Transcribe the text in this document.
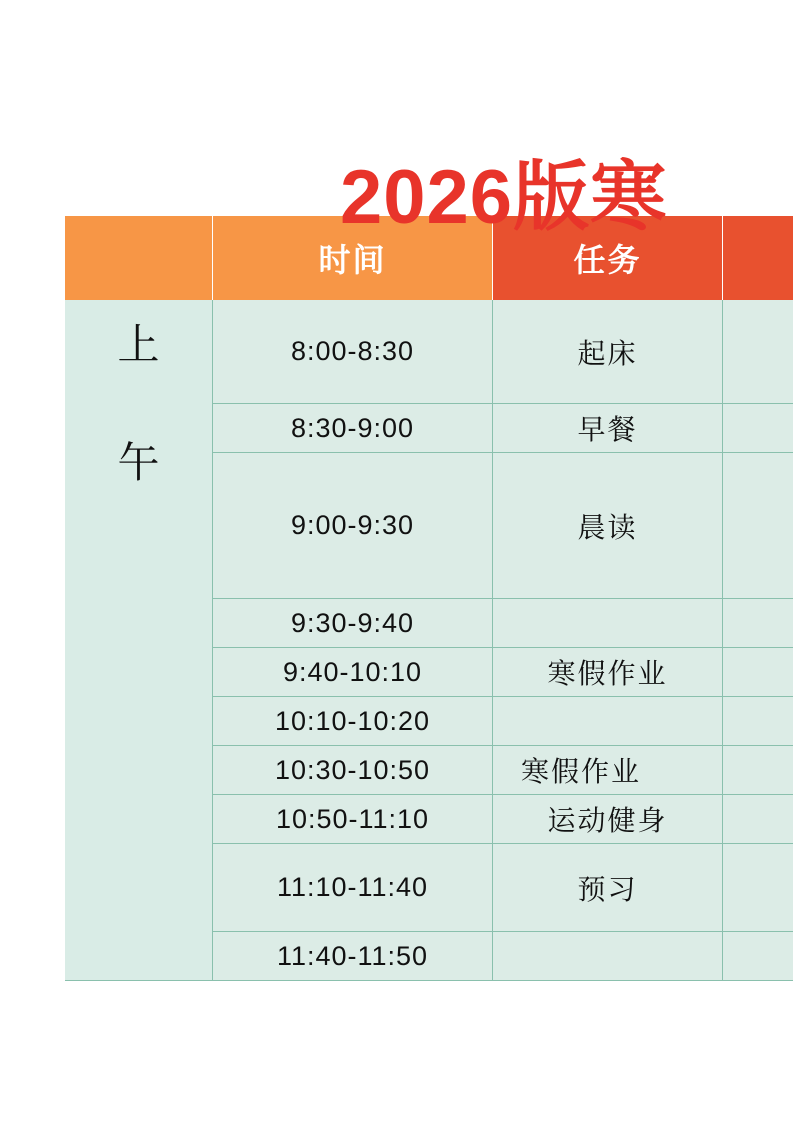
2026版寒
时间	任务
上
午
8:00-8:30
8:30-9:00
9:00-9:30
9:30-9:40
9:40-10:10
10:10-10:20
10:30-10:50
10:50-11:10
11:10-11:40
11:40-11:50
起床
早餐
晨读
寒假作业
寒假作业
运动健身
预习
